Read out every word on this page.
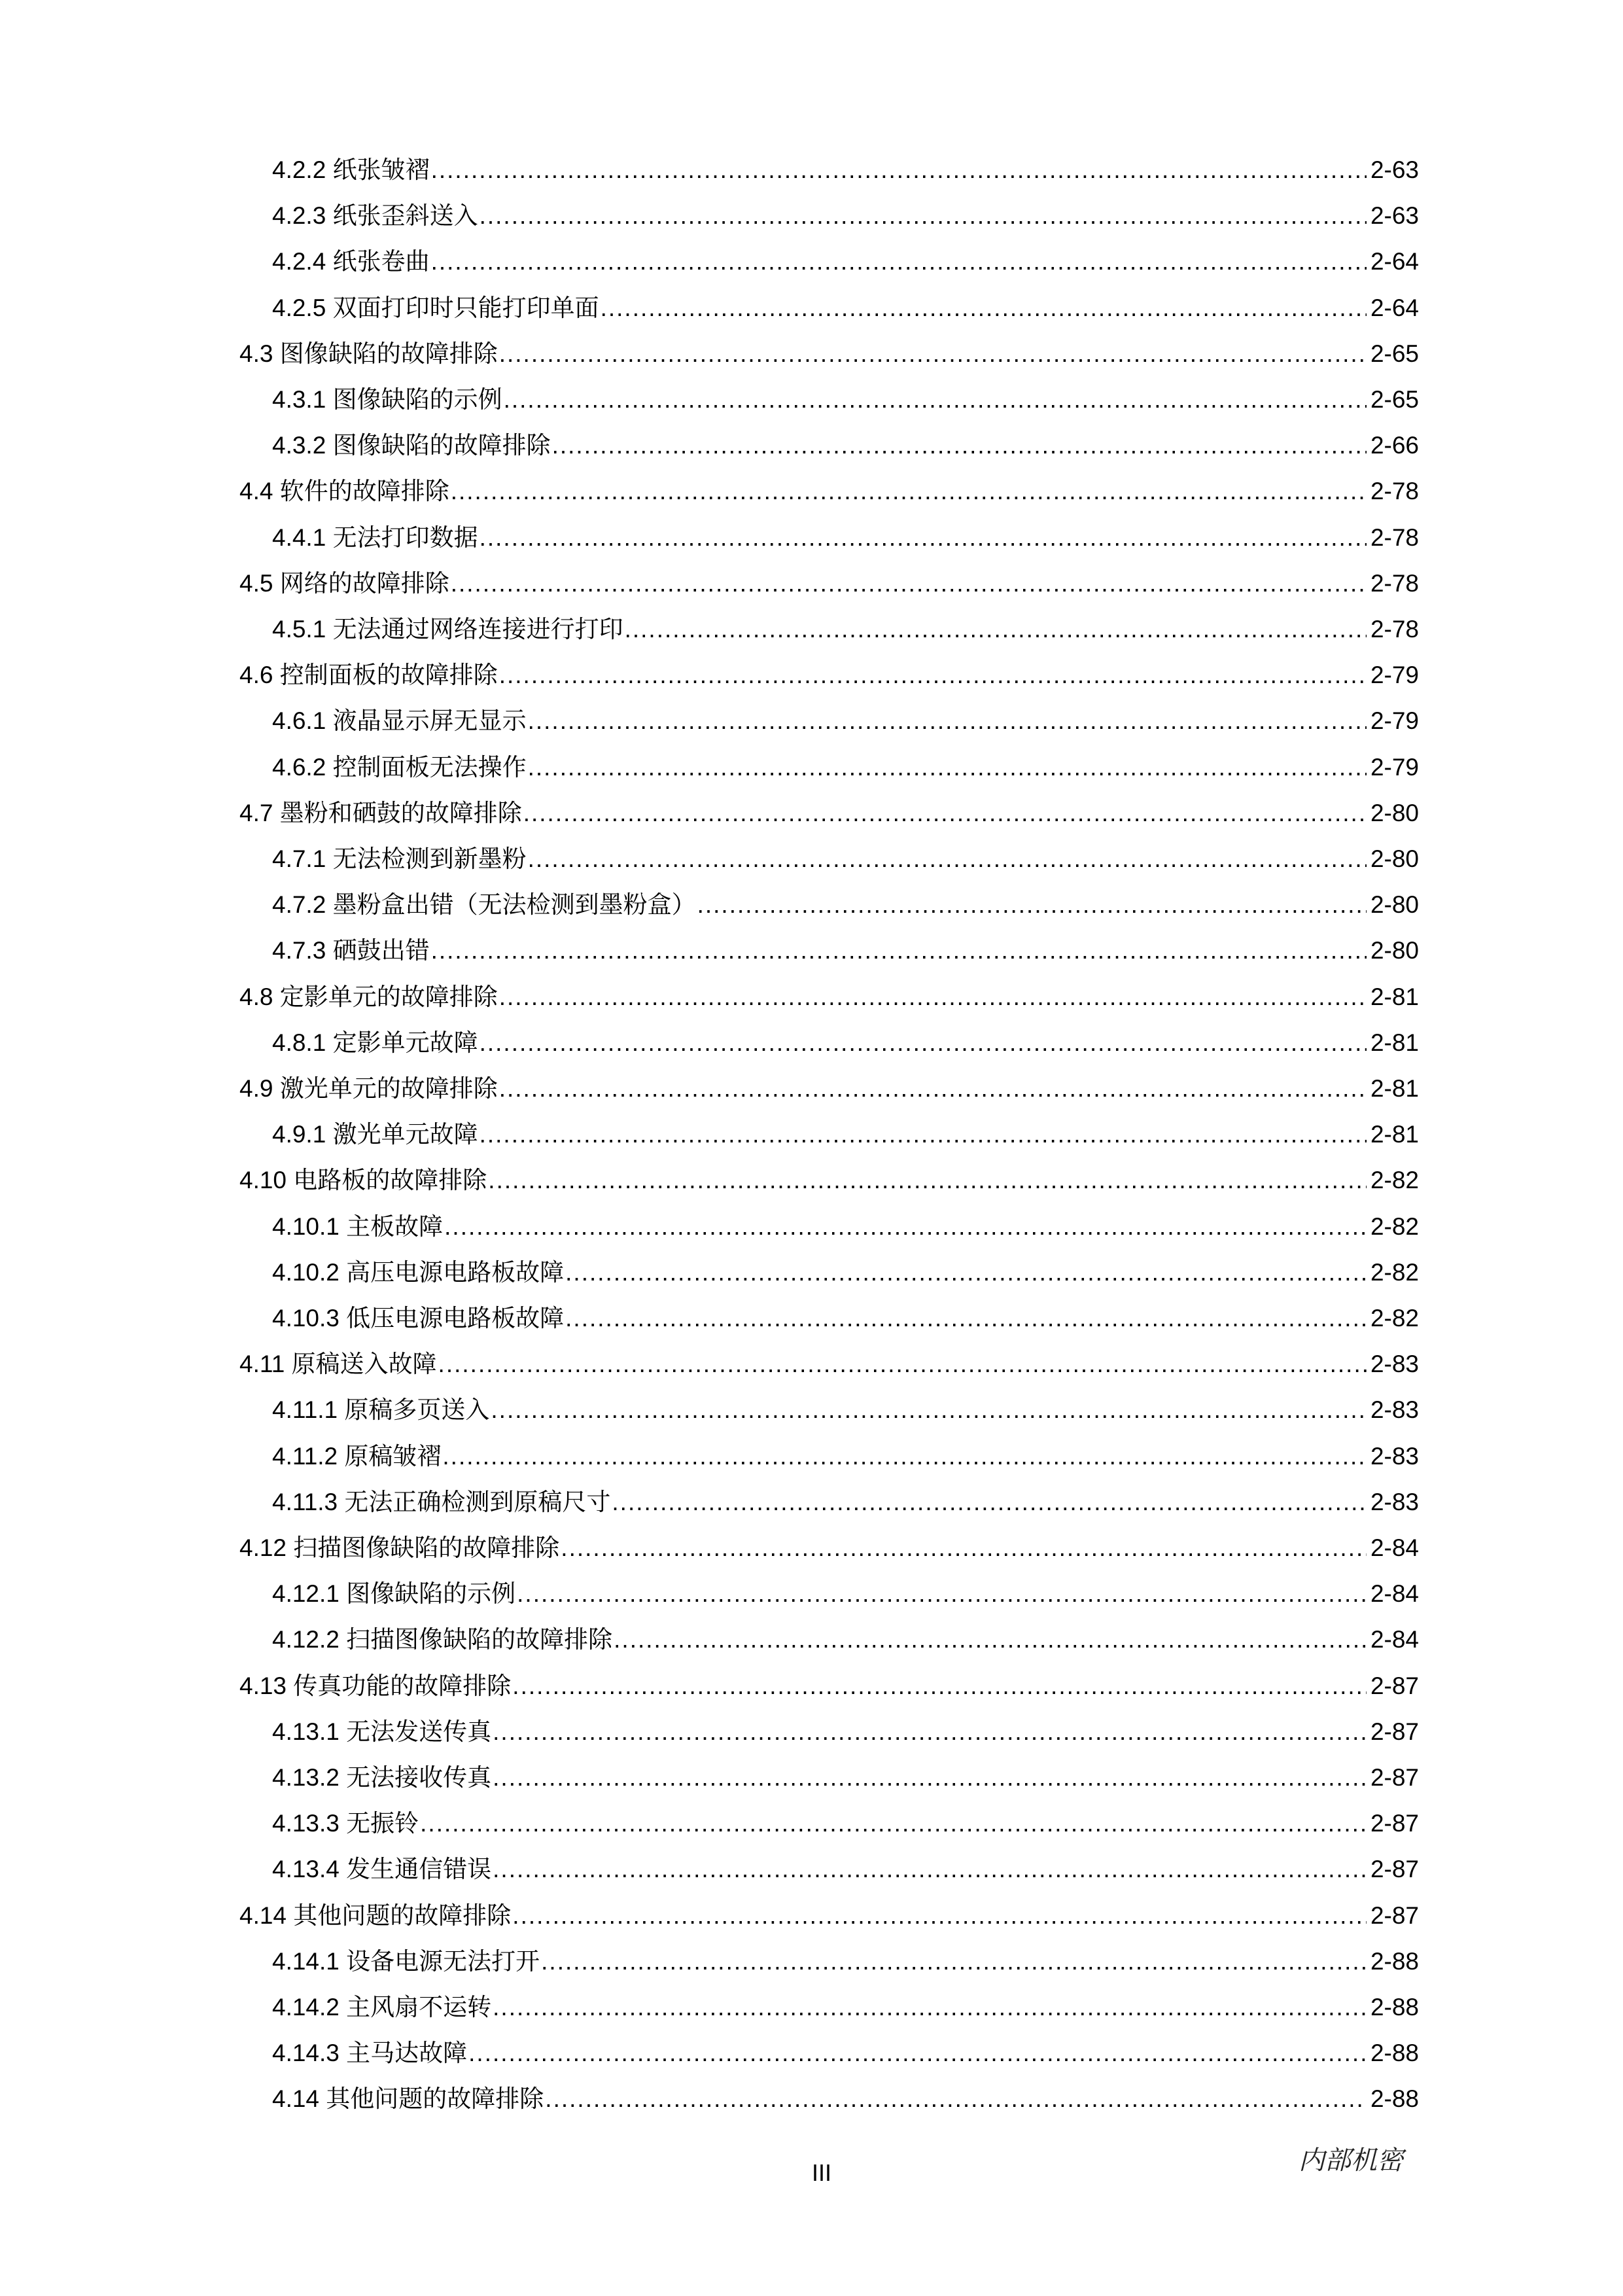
4.2.2 纸张皱褶 .....	2-63
4.2.3 纸张歪斜送入 .....	2-63
4.2.4 纸张卷曲 .....	2-64
4.2.5 双面打印时只能打印单面 .....	2-64
4.3 图像缺陷的故障排除 .....	2-65
4.3.1 图像缺陷的示例 .....	2-65
4.3.2 图像缺陷的故障排除 .....	2-66
4.4 软件的故障排除 .....	2-78
4.4.1 无法打印数据 .....	2-78
4.5 网络的故障排除 .....	2-78
4.5.1 无法通过网络连接进行打印 .....	2-78
4.6 控制面板的故障排除 .....	2-79
4.6.1 液晶显示屏无显示 .....	2-79
4.6.2 控制面板无法操作 .....	2-79
4.7 墨粉和硒鼓的故障排除 .....	2-80
4.7.1 无法检测到新墨粉 .....	2-80
4.7.2 墨粉盒出错（无法检测到墨粉盒） .....	2-80
4.7.3 硒鼓出错 .....	2-80
4.8 定影单元的故障排除 .....	2-81
4.8.1 定影单元故障 .....	2-81
4.9 激光单元的故障排除 .....	2-81
4.9.1 激光单元故障 .....	2-81
4.10 电路板的故障排除 .....	2-82
4.10.1 主板故障 .....	2-82
4.10.2 高压电源电路板故障 .....	2-82
4.10.3 低压电源电路板故障 .....	2-82
4.11 原稿送入故障 .....	2-83
4.11.1 原稿多页送入 .....	2-83
4.11.2 原稿皱褶 .....	2-83
4.11.3 无法正确检测到原稿尺寸 .....	2-83
4.12 扫描图像缺陷的故障排除 .....	2-84
4.12.1 图像缺陷的示例 .....	2-84
4.12.2 扫描图像缺陷的故障排除 .....	2-84
4.13 传真功能的故障排除 .....	2-87
4.13.1 无法发送传真 .....	2-87
4.13.2 无法接收传真 .....	2-87
4.13.3 无振铃 .....	2-87
4.13.4 发生通信错误 .....	2-87
4.14 其他问题的故障排除 .....	2-87
4.14.1 设备电源无法打开 .....	2-88
4.14.2 主风扇不运转 .....	2-88
4.14.3 主马达故障 .....	2-88
4.14 其他问题的故障排除 .....	2-88
III	内部机密
